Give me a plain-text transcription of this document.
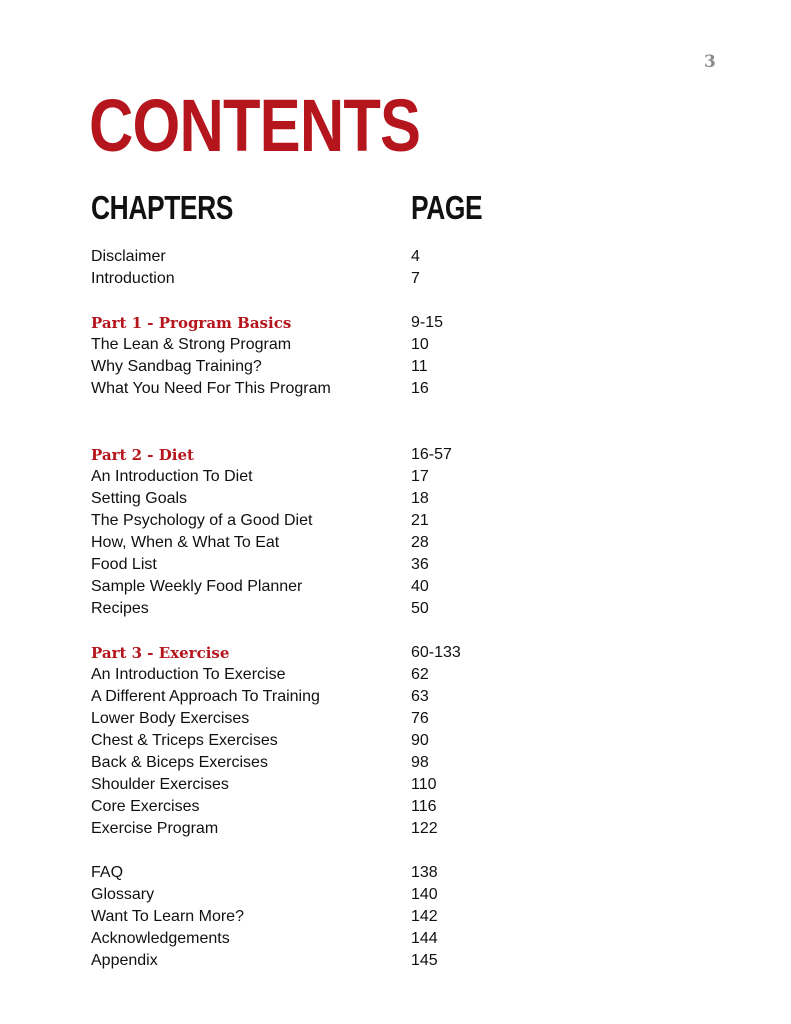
3
CONTENTS
CHAPTERS	PAGE
Disclaimer	4
Introduction	7
Part 1 - Program Basics	9-15
The Lean & Strong Program	10
Why Sandbag Training?	11
What You Need For This Program	16
Part 2 - Diet	16-57
An Introduction To Diet	17
Setting Goals	18
The Psychology of a Good Diet	21
How, When & What To Eat	28
Food List	36
Sample Weekly Food Planner	40
Recipes	50
Part 3 - Exercise	60-133
An Introduction To Exercise	62
A Different Approach To Training	63
Lower Body Exercises	76
Chest & Triceps Exercises	90
Back & Biceps Exercises	98
Shoulder Exercises	110
Core Exercises	116
Exercise Program	122
FAQ	138
Glossary	140
Want To Learn More?	142
Acknowledgements	144
Appendix	145
